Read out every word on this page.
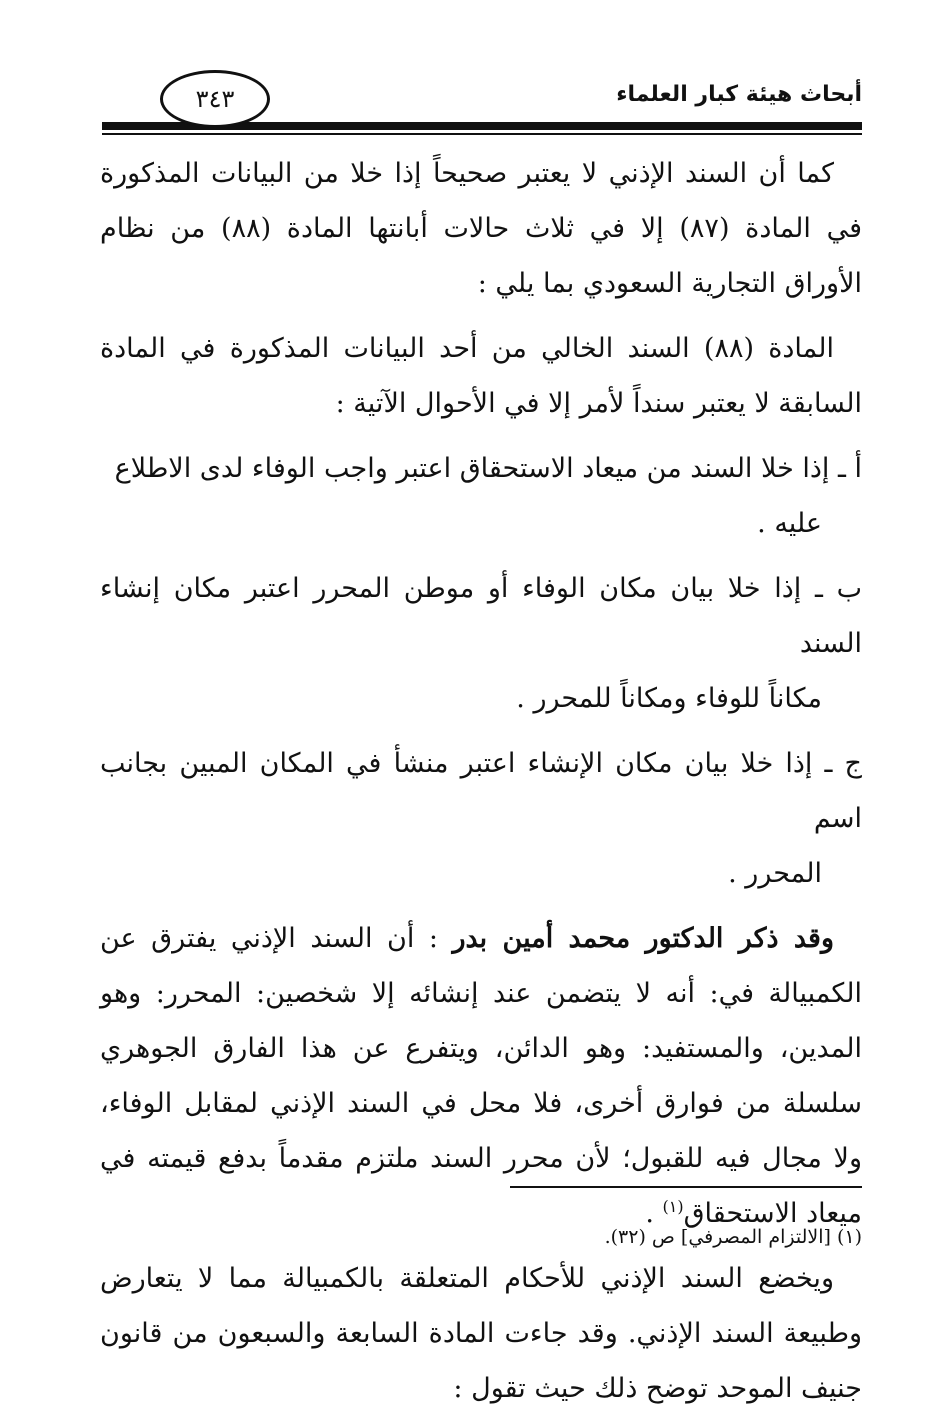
أبحاث هيئة كبار العلماء
٣٤٣

كما أن السند الإذني لا يعتبر صحيحاً إذا خلا من البيانات المذكورة في المادة (٨٧) إلا في ثلاث حالات أبانتها المادة (٨٨) من نظام الأوراق التجارية السعودي بما يلي :

المادة (٨٨) السند الخالي من أحد البيانات المذكورة في المادة السابقة لا يعتبر سنداً لأمر إلا في الأحوال الآتية :

أ ـ إذا خلا السند من ميعاد الاستحقاق اعتبر واجب الوفاء لدى الاطلاع
عليه .

ب ـ إذا خلا بيان مكان الوفاء أو موطن المحرر اعتبر مكان إنشاء السند
مكاناً للوفاء ومكاناً للمحرر .

ج ـ إذا خلا بيان مكان الإنشاء اعتبر منشأ في المكان المبين بجانب اسم
المحرر .

وقد ذكر الدكتور محمد أمين بدر : أن السند الإذني يفترق عن الكمبيالة في: أنه لا يتضمن عند إنشائه إلا شخصين: المحرر: وهو المدين، والمستفيد: وهو الدائن، ويتفرع عن هذا الفارق الجوهري سلسلة من فوارق أخرى، فلا محل في السند الإذني لمقابل الوفاء، ولا مجال فيه للقبول؛ لأن محرر السند ملتزم مقدماً بدفع قيمته في ميعاد الاستحقاق$^{(١)}$ .

ويخضع السند الإذني للأحكام المتعلقة بالكمبيالة مما لا يتعارض وطبيعة السند الإذني. وقد جاءت المادة السابعة والسبعون من قانون جنيف الموحد توضح ذلك حيث تقول :

(١) [الالتزام المصرفي] ص (٣٢).
